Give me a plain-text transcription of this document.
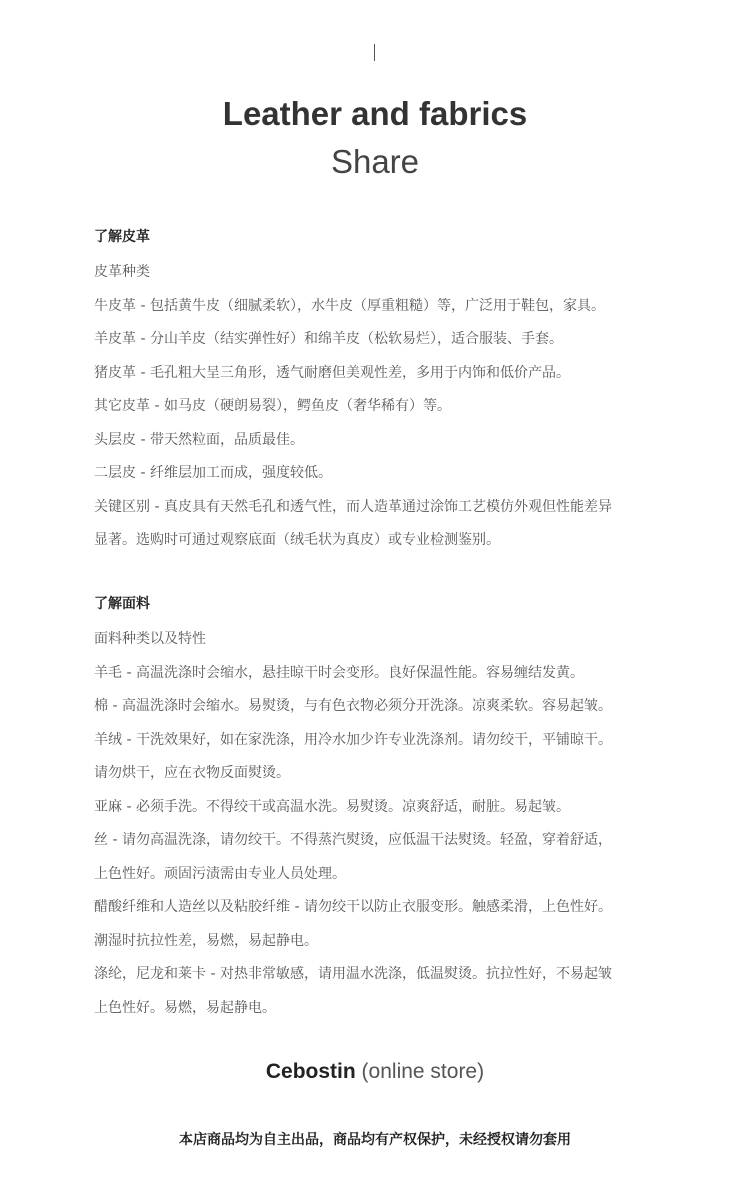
Leather and fabrics
Share
了解皮革
皮革种类
牛皮革 - 包括黄牛皮（细腻柔软），水牛皮（厚重粗糙）等，广泛用于鞋包，家具。
羊皮革 - 分山羊皮（结实弹性好）和绵羊皮（松软易烂），适合服装、手套。
猪皮革 - 毛孔粗大呈三角形，透气耐磨但美观性差，多用于内饰和低价产品。
其它皮革 - 如马皮（硬朗易裂），鳄鱼皮（奢华稀有）等。
头层皮 - 带天然粒面，品质最佳。
二层皮 - 纤维层加工而成，强度较低。
关键区别 - 真皮具有天然毛孔和透气性，而人造革通过涂饰工艺模仿外观但性能差异
显著。选购时可通过观察底面（绒毛状为真皮）或专业检测鉴别。
了解面料
面料种类以及特性
羊毛 - 高温洗涤时会缩水，悬挂晾干时会变形。良好保温性能。容易缠结发黄。
棉 - 高温洗涤时会缩水。易熨烫，与有色衣物必须分开洗涤。凉爽柔软。容易起皱。
羊绒 - 干洗效果好，如在家洗涤，用冷水加少许专业洗涤剂。请勿绞干，平铺晾干。
请勿烘干，应在衣物反面熨烫。
亚麻 - 必须手洗。不得绞干或高温水洗。易熨烫。凉爽舒适，耐脏。易起皱。
丝 - 请勿高温洗涤，请勿绞干。不得蒸汽熨烫，应低温干法熨烫。轻盈，穿着舒适，
上色性好。顽固污渍需由专业人员处理。
醋酸纤维和人造丝以及粘胶纤维 - 请勿绞干以防止衣服变形。触感柔滑，上色性好。
潮湿时抗拉性差，易燃，易起静电。
涤纶，尼龙和莱卡 - 对热非常敏感，请用温水洗涤，低温熨烫。抗拉性好，不易起皱
上色性好。易燃，易起静电。
Cebostin (online store)
本店商品均为自主出品，商品均有产权保护，未经授权请勿套用
